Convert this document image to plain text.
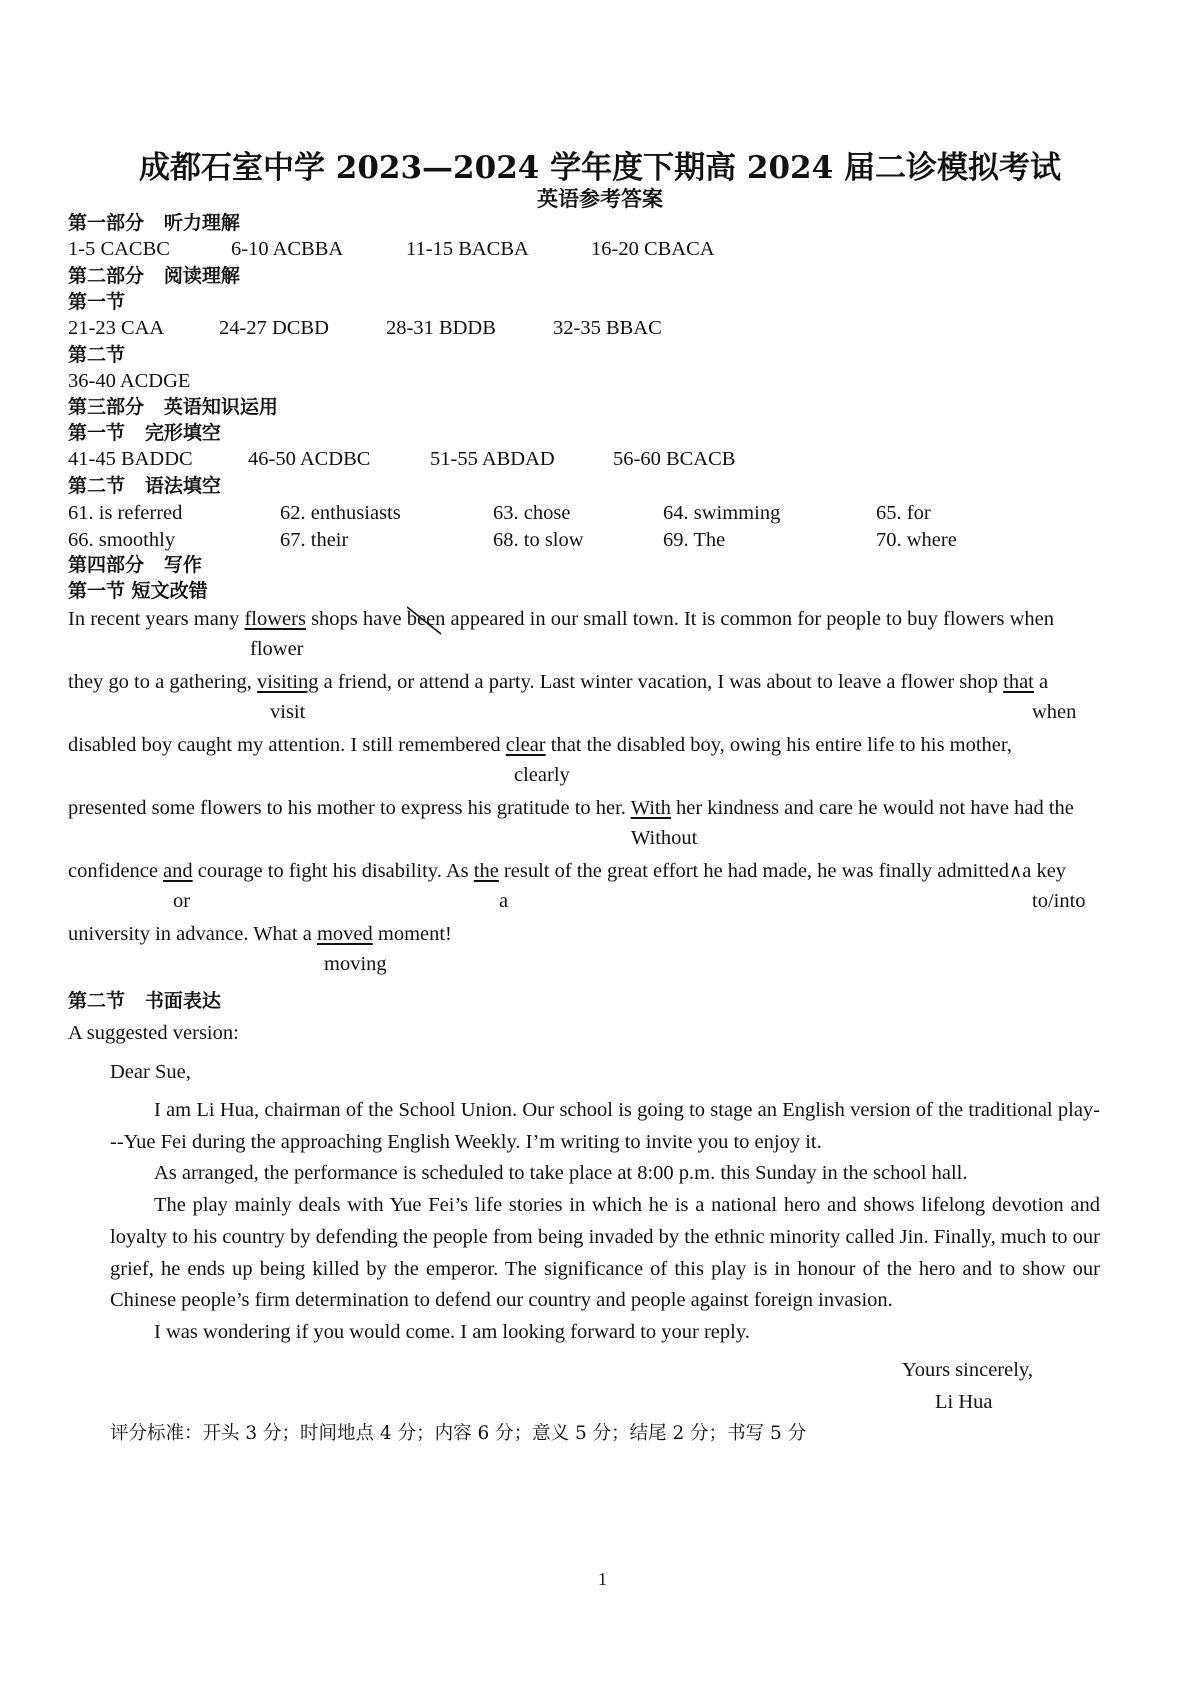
成都石室中学 2023—2024 学年度下期高 2024 届二诊模拟考试
英语参考答案
第一部分 听力理解
1-5 CACBC	6-10 ACBBA	11-15 BACBA	16-20 CBACA
第二部分 阅读理解
第一节
21-23 CAA	24-27 DCBD	28-31 BDDB	32-35 BBAC
第二节
36-40 ACDGE
第三部分 英语知识运用
第一节 完形填空
41-45 BADDC	46-50 ACDBC	51-55 ABDAD	56-60 BCACB
第二节 语法填空
61. is referred	62. enthusiasts	63. chose	64. swimming	65. for
66. smoothly	67. their	68. to slow	69. The	70. where
第四部分 写作
第一节 短文改错
In recent years many flowers shops have been
appeared in our small town. It is common for people to buy flowers when
flower
they go to a gathering, visiting a friend, or attend a party. Last winter vacation, I was about to leave a flower shop that a
visit	when
disabled boy caught my attention. I still remembered clear that the disabled boy, owing his entire life to his mother,
clearly
presented some flowers to his mother to express his gratitude to her. With her kindness and care he would not have had the
Without
confidence and courage to fight his disability. As the result of the great effort he had made, he was finally admitted∧a key
or	a	to/into
university in advance. What a moved moment!
moving
第二节 书面表达
A suggested version:
Dear Sue,

I am Li Hua, chairman of the School Union. Our school is going to stage an English version of the traditional play---Yue Fei during the approaching English Weekly. I’m writing to invite you to enjoy it.

As arranged, the performance is scheduled to take place at 8:00 p.m. this Sunday in the school hall.

The play mainly deals with Yue Fei’s life stories in which he is a national hero and shows lifelong devotion and loyalty to his country by defending the people from being invaded by the ethnic minority called Jin. Finally, much to our grief, he ends up being killed by the emperor. The significance of this play is in honour of the hero and to show our Chinese people’s firm determination to defend our country and people against foreign invasion.

I was wondering if you would come. I am looking forward to your reply.

Yours sincerely,
Li Hua
评分标准：开头 3 分；时间地点 4 分；内容 6 分；意义 5 分；结尾 2 分；书写 5 分
1
